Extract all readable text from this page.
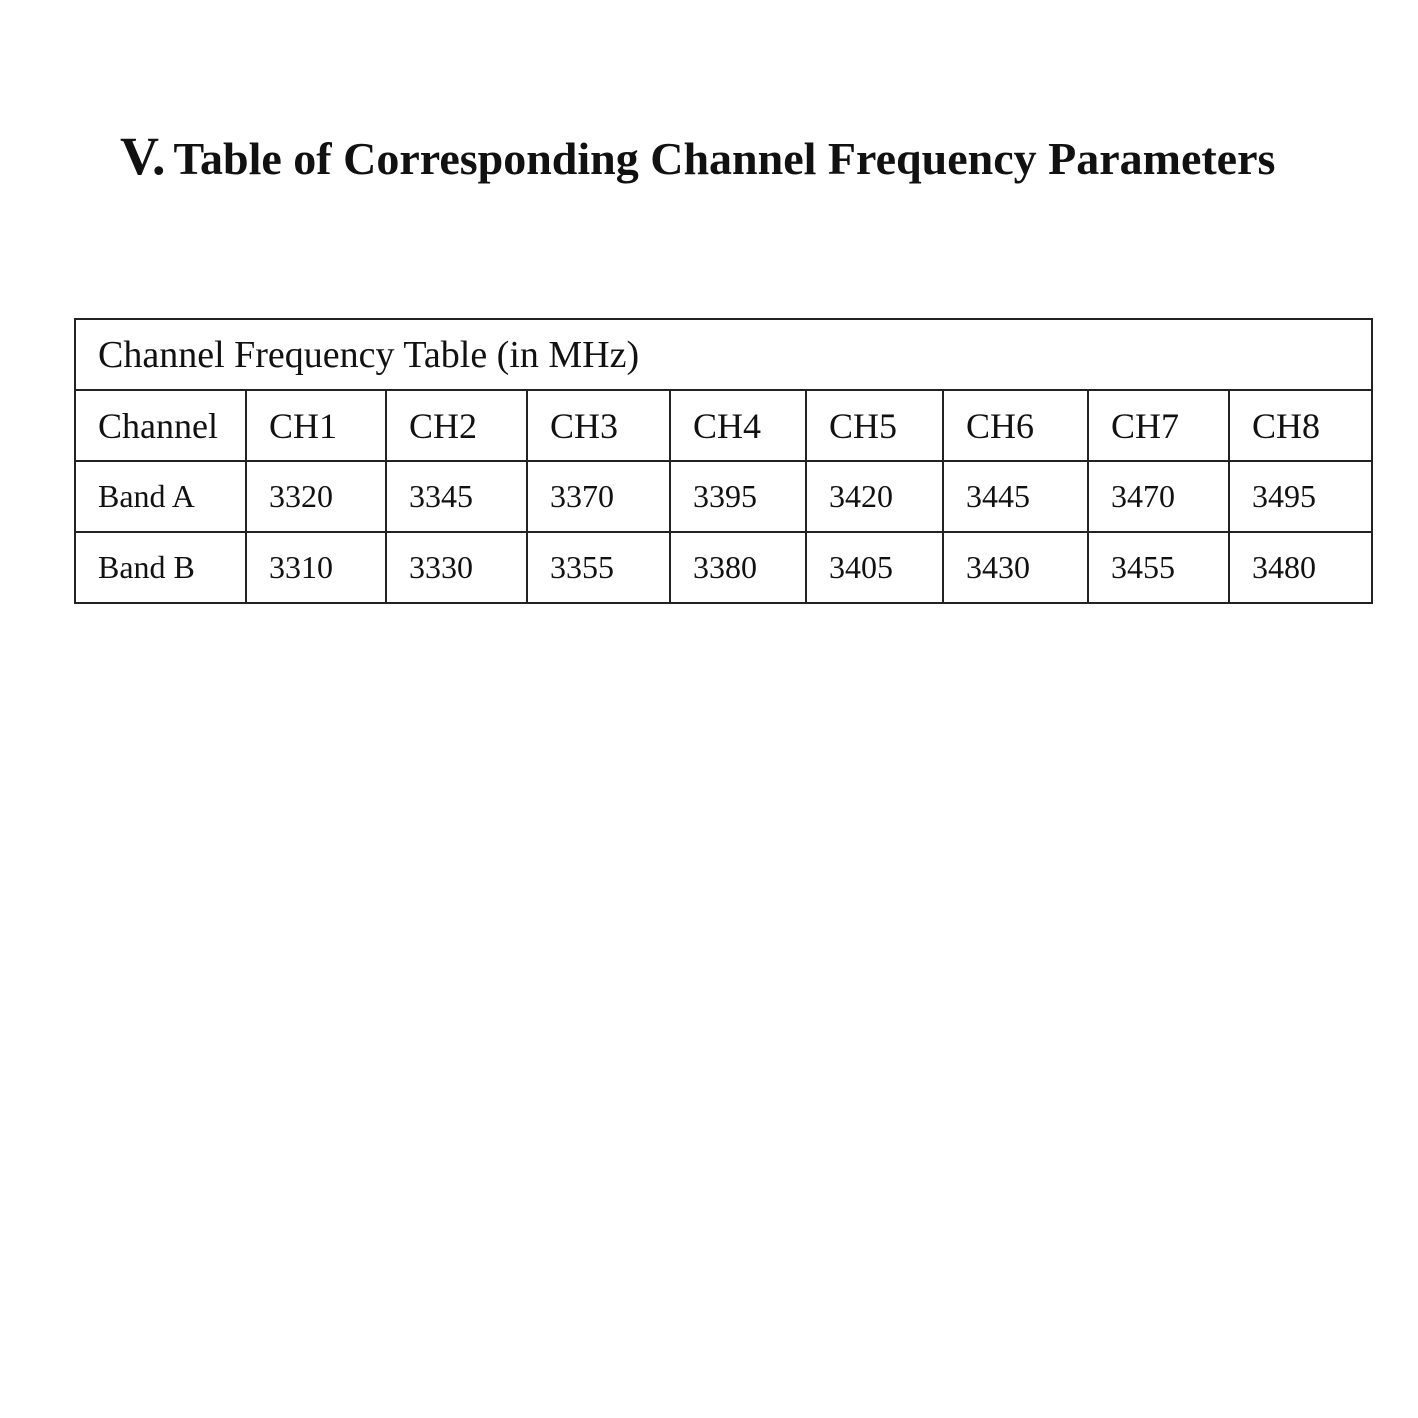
V. Table of Corresponding Channel Frequency Parameters
Channel Frequency Table (in MHz)								
Channel	CH1	CH2	CH3	CH4	CH5	CH6	CH7	CH8
Band A	3320	3345	3370	3395	3420	3445	3470	3495
Band B	3310	3330	3355	3380	3405	3430	3455	3480
